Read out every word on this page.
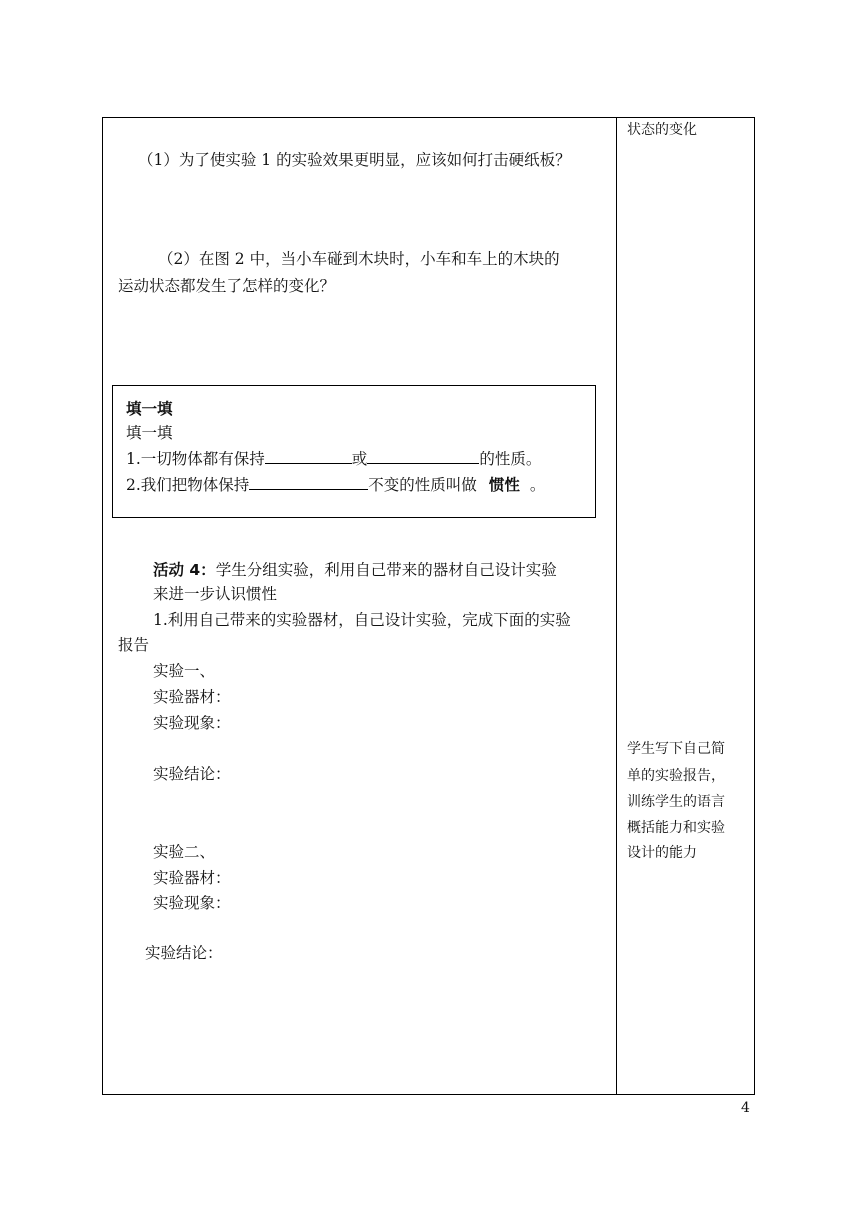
状态的变化
学生写下自己简
单的实验报告，
训练学生的语言
概括能力和实验
设计的能力
（1）为了使实验 1 的实验效果更明显，应该如何打击硬纸板？
（2）在图 2 中，当小车碰到木块时，小车和车上的木块的
运动状态都发生了怎样的变化？
填一填
填一填
1.一切物体都有保持	或	的性质。
2.我们把物体保持	不变的性质叫做 惯性 。
活动 4：学生分组实验，利用自己带来的器材自己设计实验
来进一步认识惯性
1.利用自己带来的实验器材，自己设计实验，完成下面的实验
报告
实验一、
实验器材：
实验现象：
实验结论：
实验二、
实验器材：
实验现象：
实验结论：
4
